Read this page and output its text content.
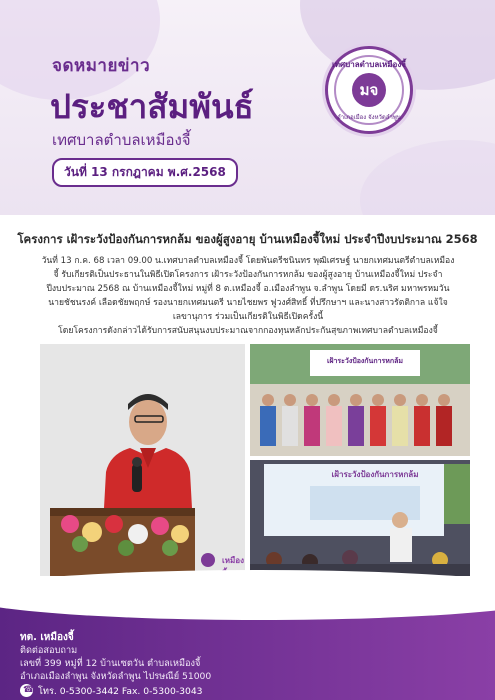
จดหมายข่าว
ประชาสัมพันธ์
เทศบาลตำบลเหมืองจี้
วันที่ 13 กรกฎาคม พ.ศ.2568
เทศบาลตำบลเหมืองจี้
มจ
อำเภอเมือง จังหวัดลำพูน
โครงการ เฝ้าระวังป้องกันการหกล้ม ของผู้สูงอายุ บ้านเหมืองจี้ใหม่ ประจำปีงบประมาณ 2568

วันที่ 13 ก.ค. 68 เวลา 09.00 น.เทศบาลตำบลเหมืองจี้ โดยพันตรีชนินทร พุฒิเศรษฐ์ นายกเทศมนตรีตำบลเหมือง

จี้ รับเกียรติเป็นประธานในพิธีเปิดโครงการ เฝ้าระวังป้องกันการหกล้ม ของผู้สูงอายุ บ้านเหมืองจี้ใหม่ ประจำ

ปีงบประมาณ 2568 ณ บ้านเหมืองจี้ใหม่ หมู่ที่ 8 ต.เหมืองจี้ อ.เมืองลำพูน จ.ลำพูน โดยมี ดร.นริศ มหาพรหมวัน

นายชัชนรงค์ เลือดชัยพฤกษ์ รองนายกเทศมนตรี นายไชยพร ฟูวงศ์สิทธิ์ ที่ปรึกษาฯ และนางสาวรัตติกาล แจ้ใจ

เลขานุการ ร่วมเป็นเกียรติในพิธีเปิดครั้งนี้

โดยโครงการดังกล่าวได้รับการสนับสนุนงบประมาณจากกองทุนหลักประกันสุขภาพเทศบาลตำบลเหมืองจี้

เหมือง
เฝ้าระวังป้องกันการหกล้ม
เฝ้าระวังป้องกันการหกล้ม
ทต. เหมืองจี้
ติดต่อสอบถาม
เลขที่ 399 หมู่ที่ 12 บ้านเซตวัน ตำบลเหมืองจี้
อำเภอเมืองลำพูน จังหวัดลำพูน ไปรษณีย์ 51000
☎ โทร. 0-5300-3442 Fax. 0-5300-3043
